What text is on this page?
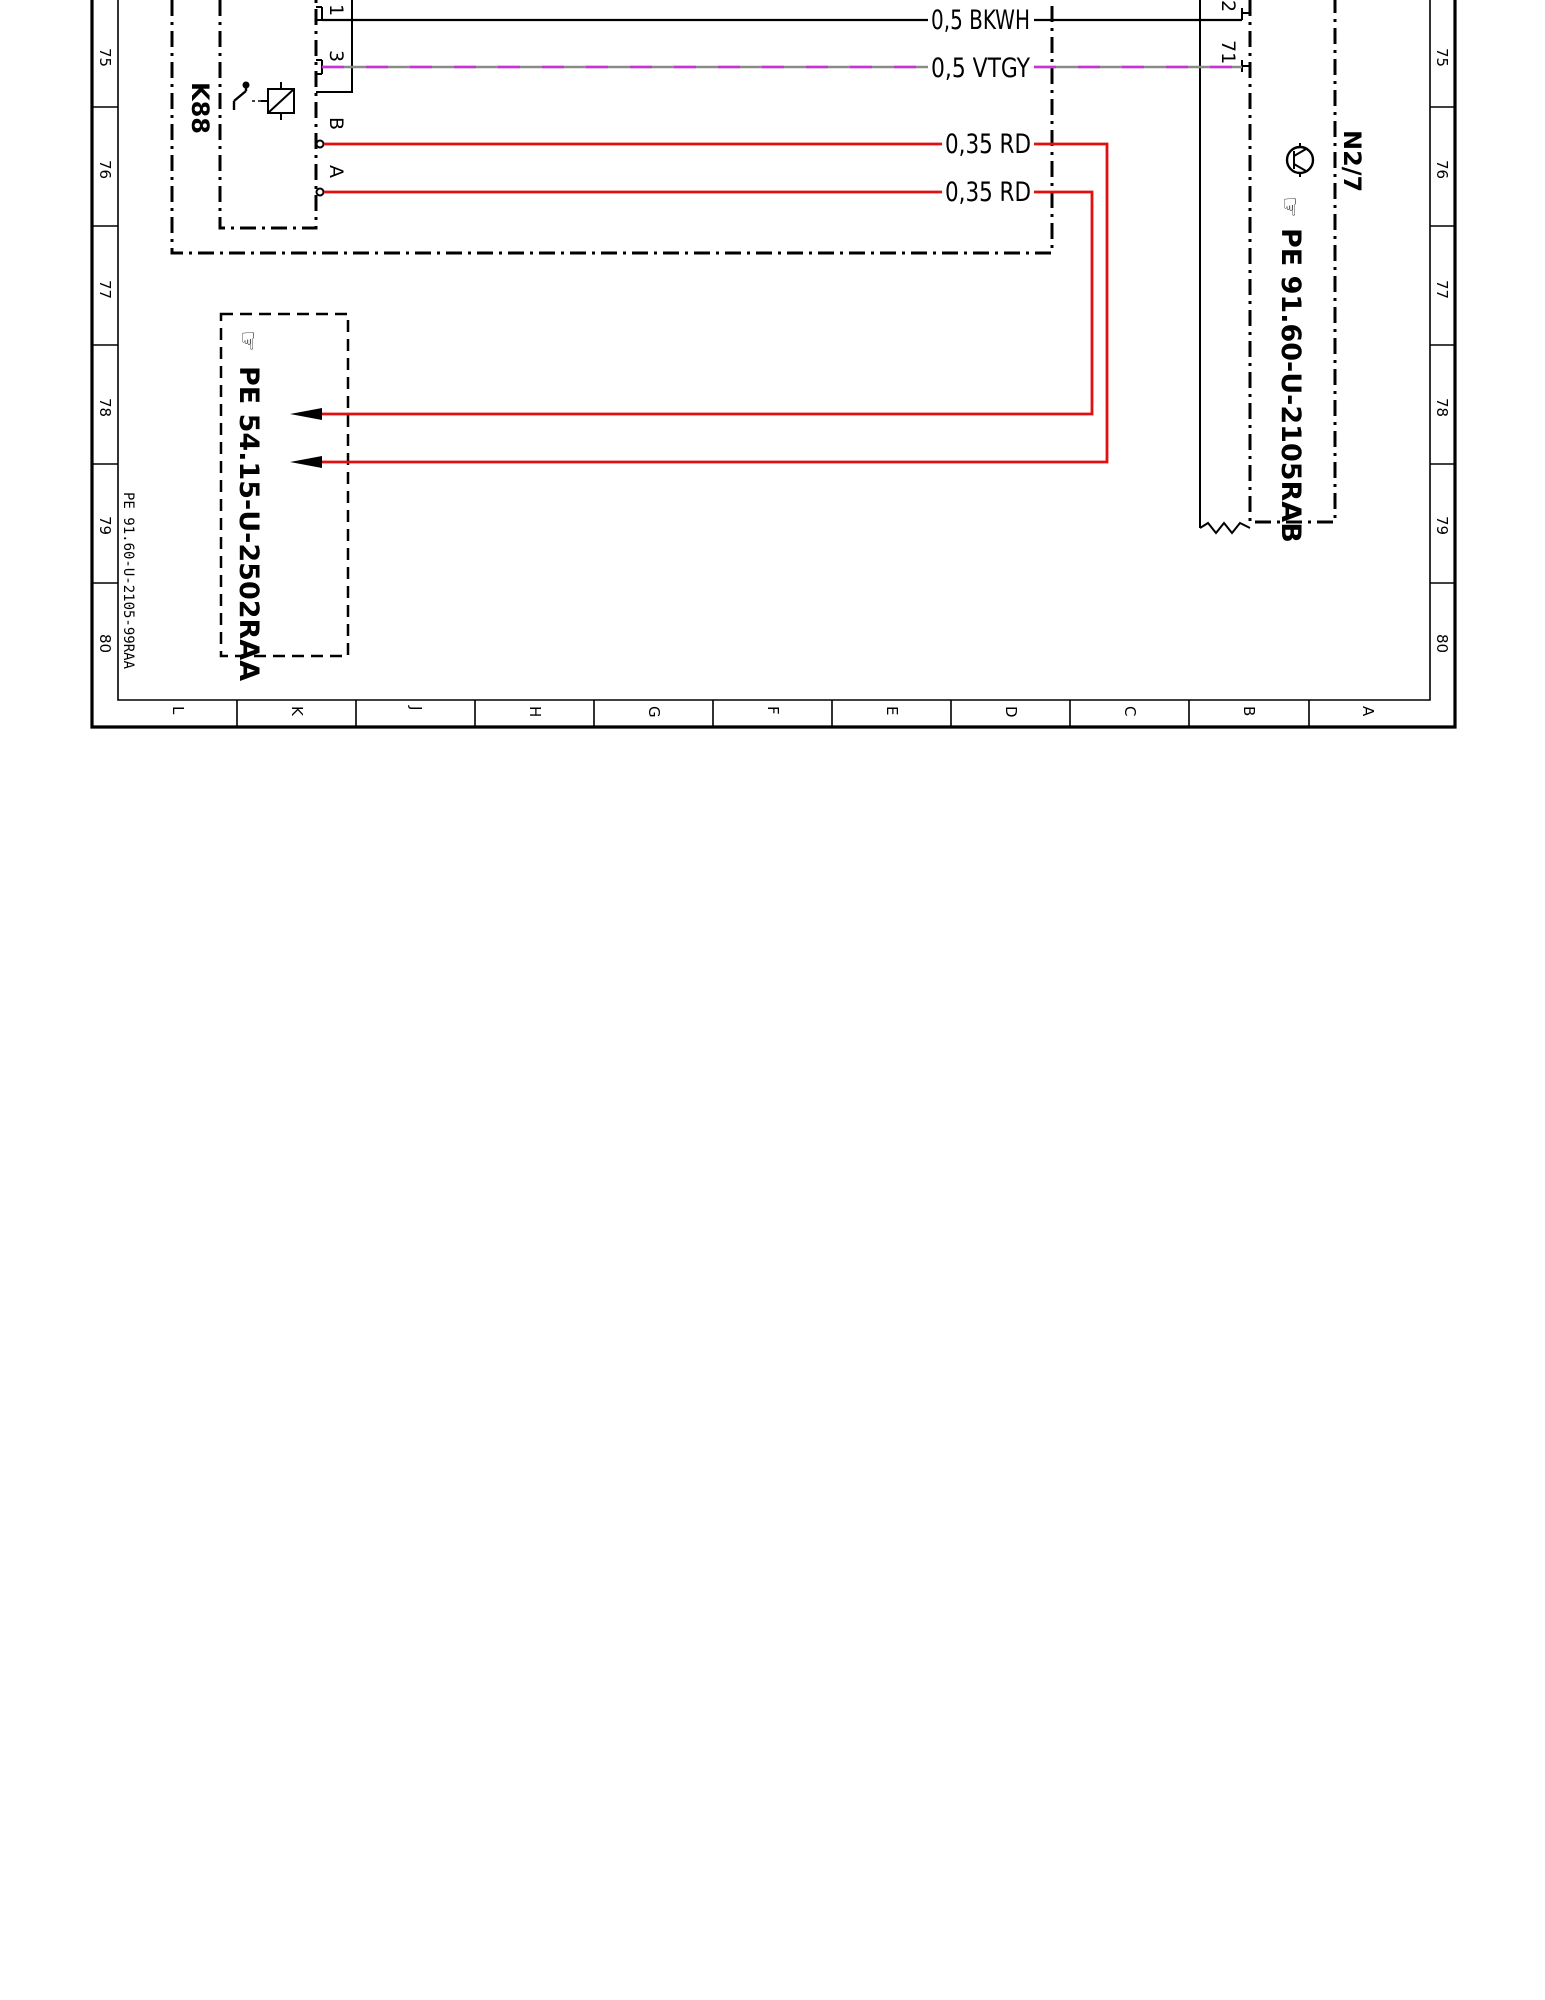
75
76
77
78
79
80
75
76
77
78
79
80
L	K	J	H	G	F	E	D	C	B	A
PE 91.60-U-2105-99RAA
K88
1
3
B
A	N2/7
☞
PE 91.60-U-2105RAB
2
71
☞
PE 54.15-U-2502RAA
0,5 BKWH
0,5 VTGY
0,35 RD
0,35 RD
